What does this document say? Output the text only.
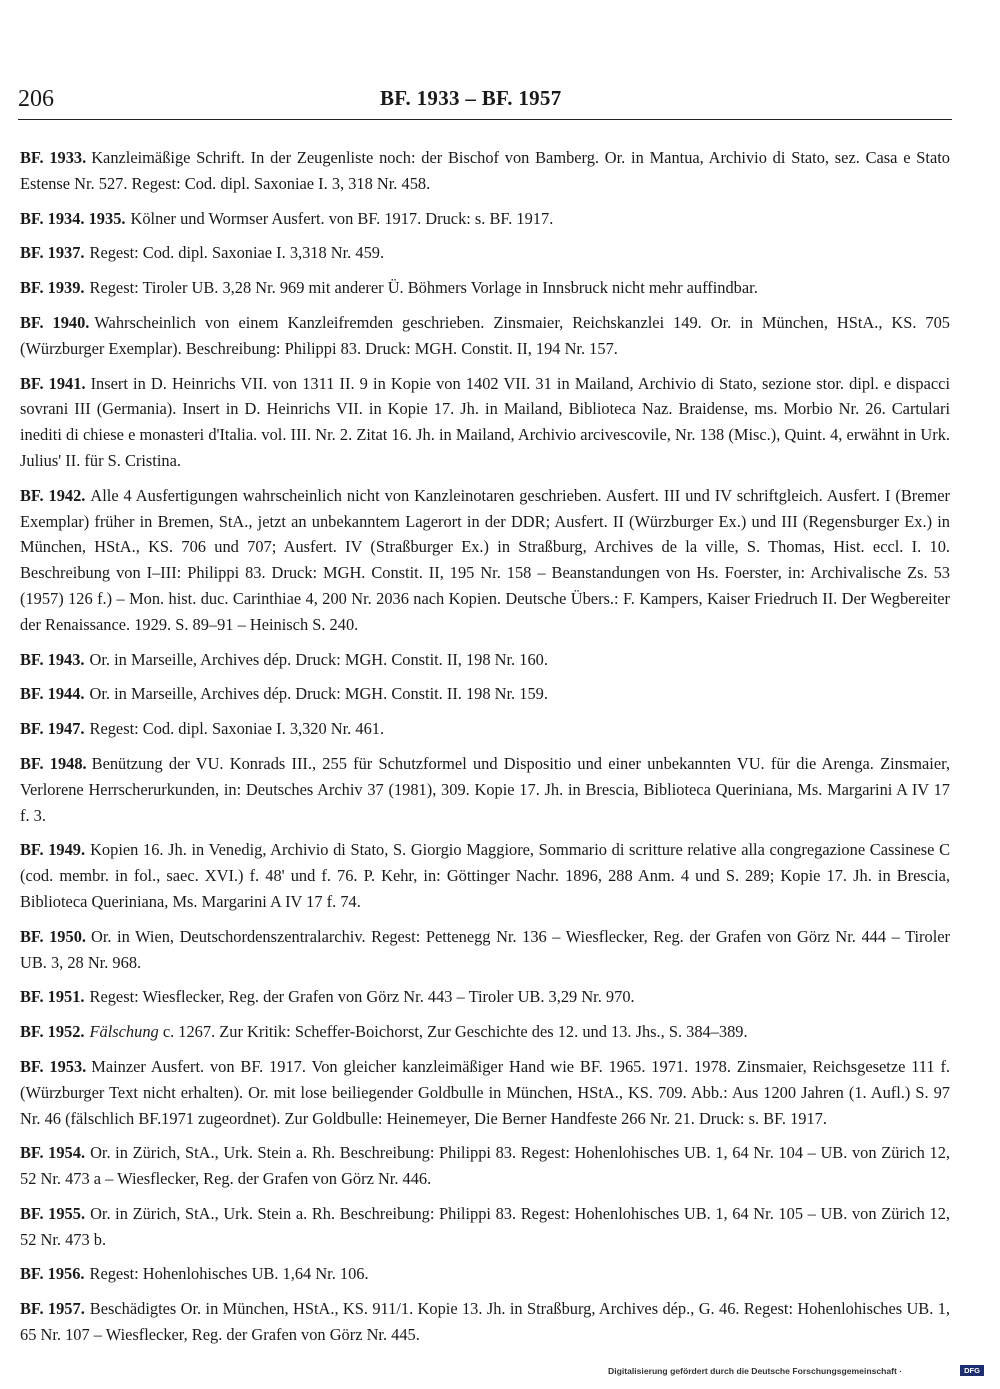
206	BF. 1933 – BF. 1957

BF. 1933. Kanzleimäßige Schrift. In der Zeugenliste noch: der Bischof von Bamberg. Or. in Mantua, Archivio di Stato, sez. Casa e Stato Estense Nr. 527. Regest: Cod. dipl. Saxoniae I. 3, 318 Nr. 458.

BF. 1934. 1935. Kölner und Wormser Ausfert. von BF. 1917. Druck: s. BF. 1917.

BF. 1937. Regest: Cod. dipl. Saxoniae I. 3,318 Nr. 459.

BF. 1939. Regest: Tiroler UB. 3,28 Nr. 969 mit anderer Ü. Böhmers Vorlage in Innsbruck nicht mehr auffindbar.

BF. 1940. Wahrscheinlich von einem Kanzleifremden geschrieben. Zinsmaier, Reichskanzlei 149. Or. in München, HStA., KS. 705 (Würzburger Exemplar). Beschreibung: Philippi 83. Druck: MGH. Constit. II, 194 Nr. 157.

BF. 1941. Insert in D. Heinrichs VII. von 1311 II. 9 in Kopie von 1402 VII. 31 in Mailand, Archivio di Stato, sezione stor. dipl. e dispacci sovrani III (Germania). Insert in D. Heinrichs VII. in Kopie 17. Jh. in Mailand, Biblioteca Naz. Braidense, ms. Morbio Nr. 26. Cartulari inediti di chiese e monasteri d'Italia. vol. III. Nr. 2. Zitat 16. Jh. in Mailand, Archivio arcivescovile, Nr. 138 (Misc.), Quint. 4, erwähnt in Urk. Julius' II. für S. Cristina.

BF. 1942. Alle 4 Ausfertigungen wahrscheinlich nicht von Kanzleinotaren geschrieben. Ausfert. III und IV schriftgleich. Ausfert. I (Bremer Exemplar) früher in Bremen, StA., jetzt an unbekanntem Lagerort in der DDR; Ausfert. II (Würzburger Ex.) und III (Regensburger Ex.) in München, HStA., KS. 706 und 707; Ausfert. IV (Straßburger Ex.) in Straßburg, Archives de la ville, S. Thomas, Hist. eccl. I. 10. Beschreibung von I–III: Philippi 83. Druck: MGH. Constit. II, 195 Nr. 158 – Beanstandungen von Hs. Foerster, in: Archivalische Zs. 53 (1957) 126 f.) – Mon. hist. duc. Carinthiae 4, 200 Nr. 2036 nach Kopien. Deutsche Übers.: F. Kampers, Kaiser Friedruch II. Der Wegbereiter der Renaissance. 1929. S. 89–91 – Heinisch S. 240.

BF. 1943. Or. in Marseille, Archives dép. Druck: MGH. Constit. II, 198 Nr. 160.

BF. 1944. Or. in Marseille, Archives dép. Druck: MGH. Constit. II. 198 Nr. 159.

BF. 1947. Regest: Cod. dipl. Saxoniae I. 3,320 Nr. 461.

BF. 1948. Benützung der VU. Konrads III., 255 für Schutzformel und Dispositio und einer unbekannten VU. für die Arenga. Zinsmaier, Verlorene Herrscherurkunden, in: Deutsches Archiv 37 (1981), 309. Kopie 17. Jh. in Brescia, Biblioteca Queriniana, Ms. Margarini A IV 17 f. 3.

BF. 1949. Kopien 16. Jh. in Venedig, Archivio di Stato, S. Giorgio Maggiore, Sommario di scritture relative alla congregazione Cassinese C (cod. membr. in fol., saec. XVI.) f. 48' und f. 76. P. Kehr, in: Göttinger Nachr. 1896, 288 Anm. 4 und S. 289; Kopie 17. Jh. in Brescia, Biblioteca Queriniana, Ms. Margarini A IV 17 f. 74.

BF. 1950. Or. in Wien, Deutschordenszentralarchiv. Regest: Pettenegg Nr. 136 – Wiesflecker, Reg. der Grafen von Görz Nr. 444 – Tiroler UB. 3, 28 Nr. 968.

BF. 1951. Regest: Wiesflecker, Reg. der Grafen von Görz Nr. 443 – Tiroler UB. 3,29 Nr. 970.

BF. 1952. Fälschung c. 1267. Zur Kritik: Scheffer-Boichorst, Zur Geschichte des 12. und 13. Jhs., S. 384–389.

BF. 1953. Mainzer Ausfert. von BF. 1917. Von gleicher kanzleimäßiger Hand wie BF. 1965. 1971. 1978. Zinsmaier, Reichsgesetze 111 f. (Würzburger Text nicht erhalten). Or. mit lose beiliegender Goldbulle in München, HStA., KS. 709. Abb.: Aus 1200 Jahren (1. Aufl.) S. 97 Nr. 46 (fälschlich BF.1971 zugeordnet). Zur Goldbulle: Heinemeyer, Die Berner Handfeste 266 Nr. 21. Druck: s. BF. 1917.

BF. 1954. Or. in Zürich, StA., Urk. Stein a. Rh. Beschreibung: Philippi 83. Regest: Hohenlohisches UB. 1, 64 Nr. 104 – UB. von Zürich 12, 52 Nr. 473 a – Wiesflecker, Reg. der Grafen von Görz Nr. 446.

BF. 1955. Or. in Zürich, StA., Urk. Stein a. Rh. Beschreibung: Philippi 83. Regest: Hohenlohisches UB. 1, 64 Nr. 105 – UB. von Zürich 12, 52 Nr. 473 b.

BF. 1956. Regest: Hohenlohisches UB. 1,64 Nr. 106.

BF. 1957. Beschädigtes Or. in München, HStA., KS. 911/1. Kopie 13. Jh. in Straßburg, Archives dép., G. 46. Regest: Hohenlohisches UB. 1, 65 Nr. 107 – Wiesflecker, Reg. der Grafen von Görz Nr. 445.

Digitalisierung gefördert durch die Deutsche Forschungsgemeinschaft ·	DFG
